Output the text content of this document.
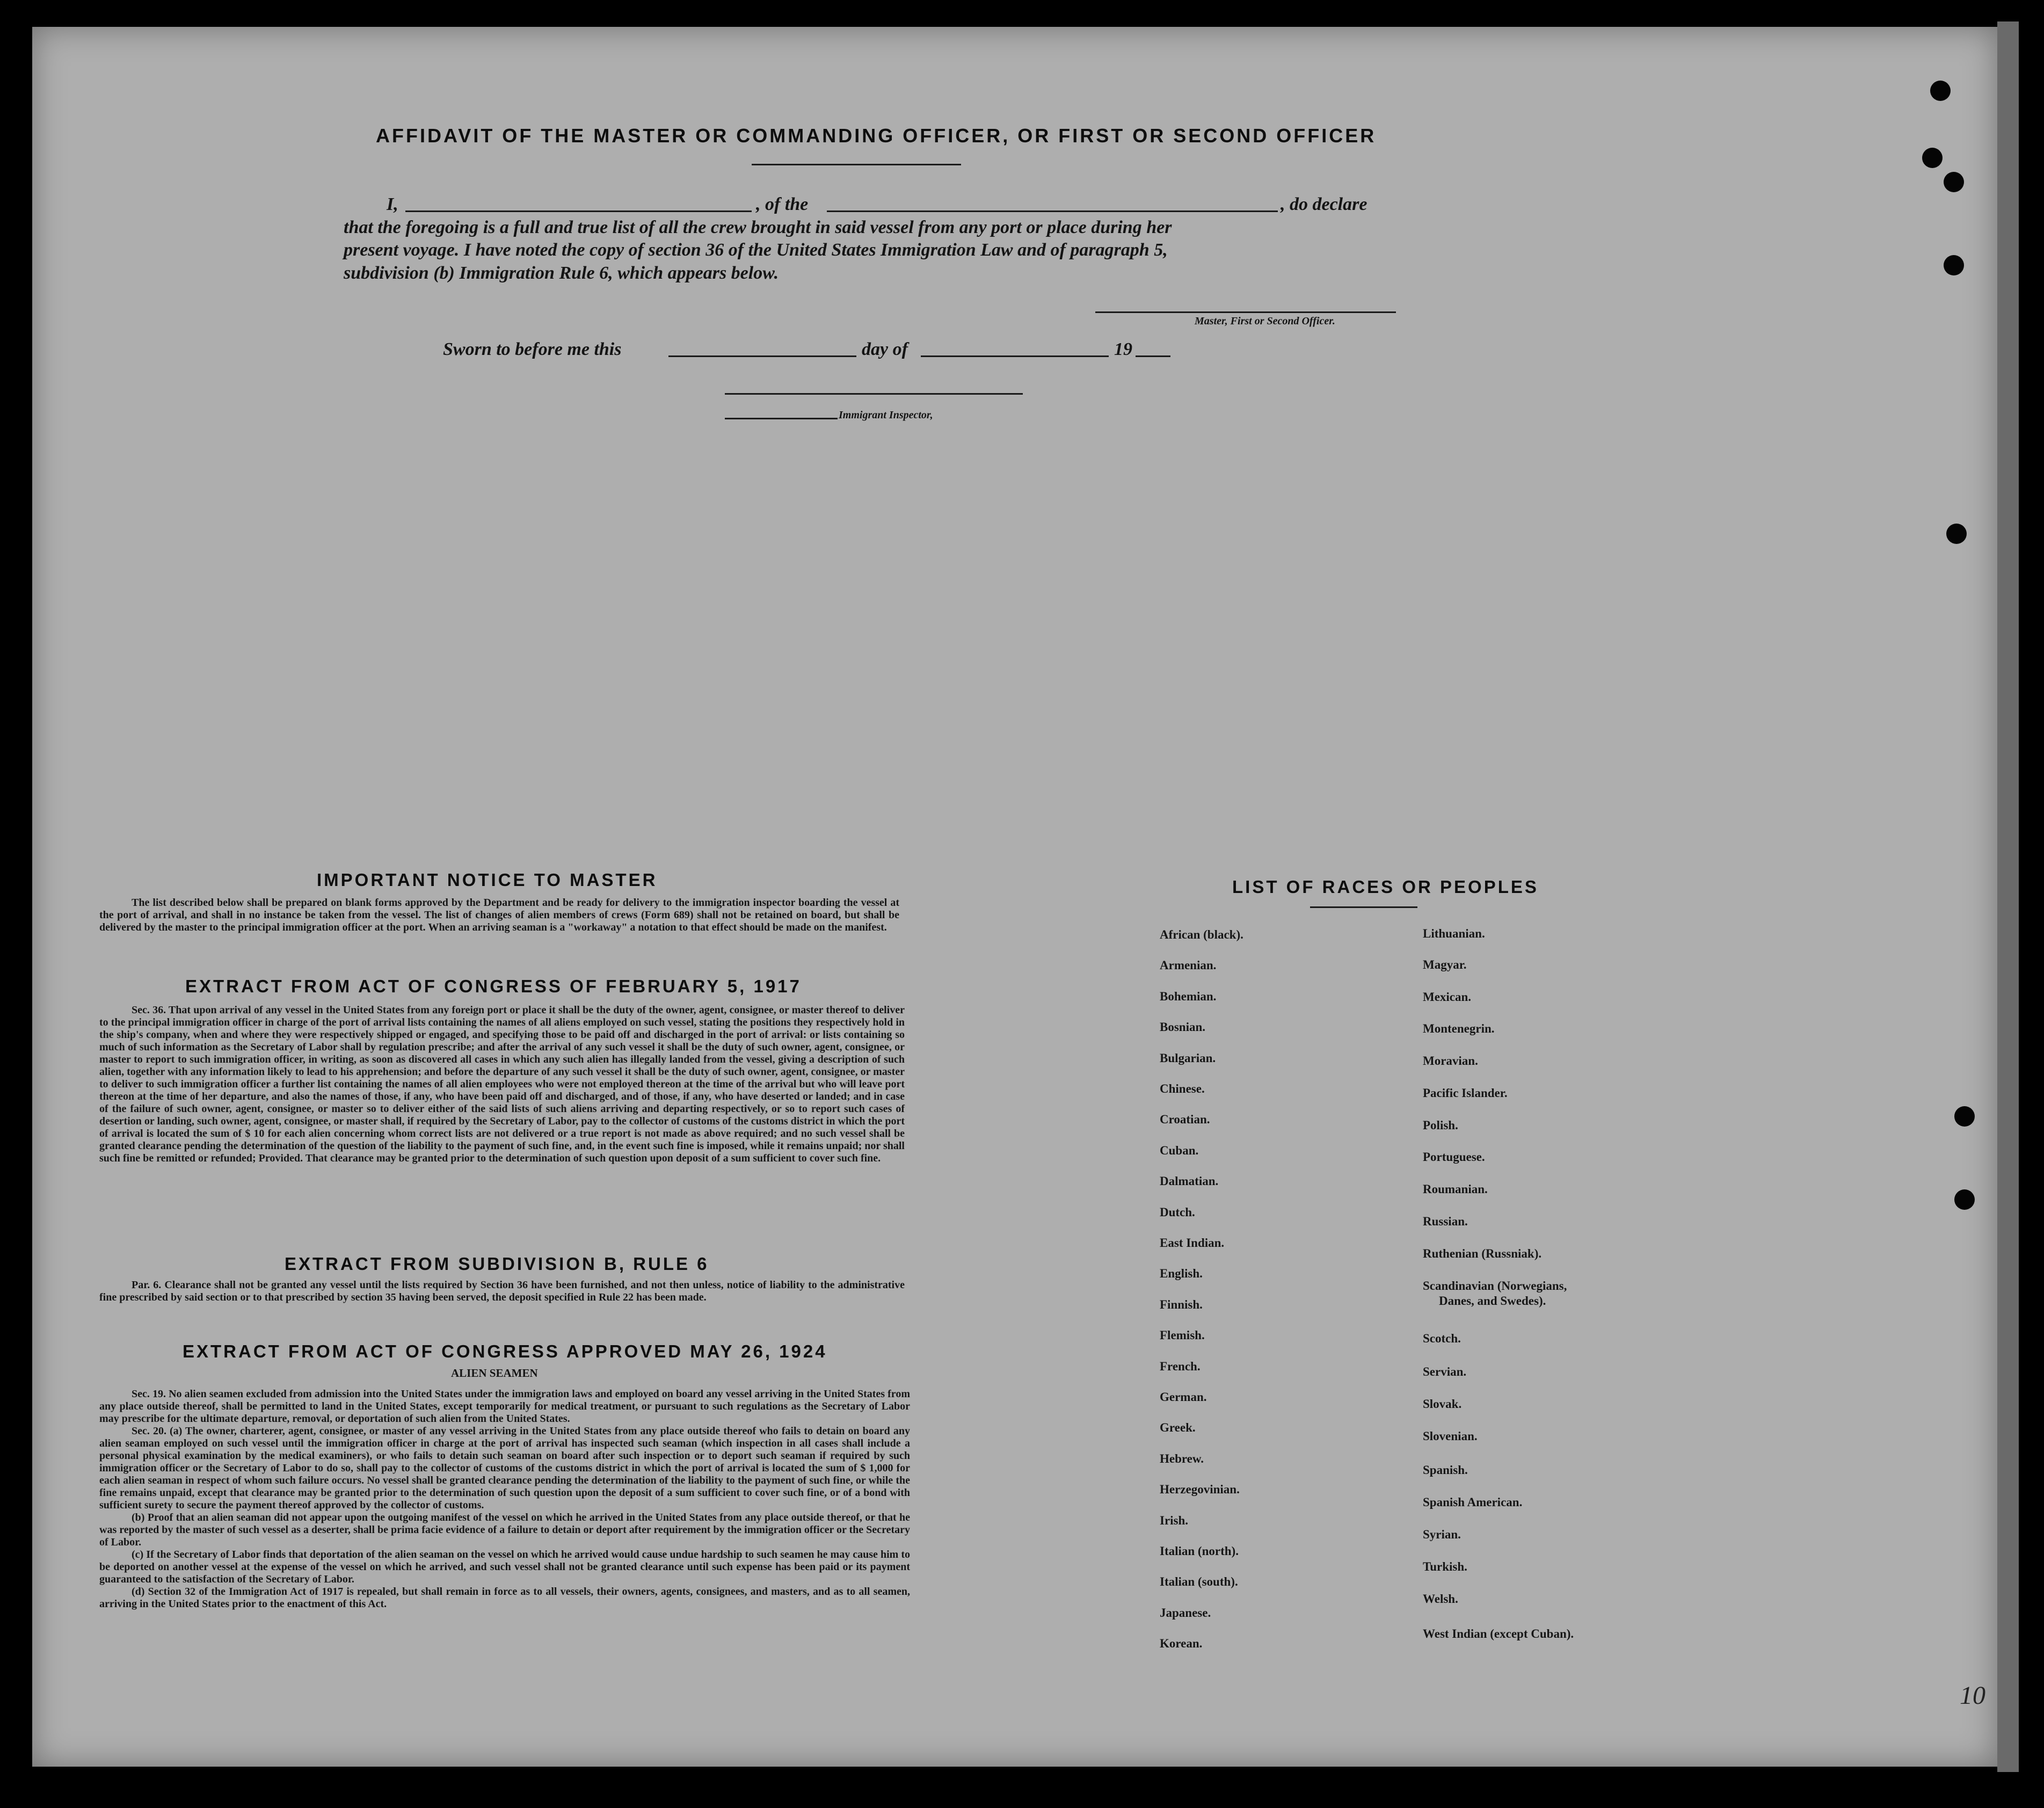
AFFIDAVIT OF THE MASTER OR COMMANDING OFFICER, OR FIRST OR SECOND OFFICER
I,	, of the	, do declare
that the foregoing is a full and true list of all the crew brought in said vessel from any port or place during her
present voyage. I have noted the copy of section 36 of the United States Immigration Law and of paragraph 5,
subdivision (b) Immigration Rule 6, which appears below.
Master, First or Second Officer.
Sworn to before me this	day of	19
Immigrant Inspector,
IMPORTANT NOTICE TO MASTER

The list described below shall be prepared on blank forms approved by the Department and be ready for delivery to the immigration inspector boarding the vessel at the port of arrival, and shall in no instance be taken from the vessel. The list of changes of alien members of crews (Form 689) shall not be retained on board, but shall be delivered by the master to the principal immigration officer at the port. When an arriving seaman is a "workaway" a notation to that effect should be made on the manifest.

EXTRACT FROM ACT OF CONGRESS OF FEBRUARY 5, 1917

Sec. 36. That upon arrival of any vessel in the United States from any foreign port or place it shall be the duty of the owner, agent, consignee, or master thereof to deliver to the principal immigration officer in charge of the port of arrival lists containing the names of all aliens employed on such vessel, stating the positions they respectively hold in the ship's company, when and where they were respectively shipped or engaged, and specifying those to be paid off and discharged in the port of arrival: or lists containing so much of such information as the Secretary of Labor shall by regulation prescribe; and after the arrival of any such vessel it shall be the duty of such owner, agent, consignee, or master to report to such immigration officer, in writing, as soon as discovered all cases in which any such alien has illegally landed from the vessel, giving a description of such alien, together with any information likely to lead to his apprehension; and before the departure of any such vessel it shall be the duty of such owner, agent, consignee, or master to deliver to such immigration officer a further list containing the names of all alien employees who were not employed thereon at the time of the arrival but who will leave port thereon at the time of her departure, and also the names of those, if any, who have been paid off and discharged, and of those, if any, who have deserted or landed; and in case of the failure of such owner, agent, consignee, or master so to deliver either of the said lists of such aliens arriving and departing respectively, or so to report such cases of desertion or landing, such owner, agent, consignee, or master shall, if required by the Secretary of Labor, pay to the collector of customs of the customs district in which the port of arrival is located the sum of $ 10 for each alien concerning whom correct lists are not delivered or a true report is not made as above required; and no such vessel shall be granted clearance pending the determination of the question of the liability to the payment of such fine, and, in the event such fine is imposed, while it remains unpaid; nor shall such fine be remitted or refunded; Provided. That clearance may be granted prior to the determination of such question upon deposit of a sum sufficient to cover such fine.

EXTRACT FROM SUBDIVISION B, RULE 6

Par. 6. Clearance shall not be granted any vessel until the lists required by Section 36 have been furnished, and not then unless, notice of liability to the administrative fine prescribed by said section or to that prescribed by section 35 having been served, the deposit specified in Rule 22 has been made.

EXTRACT FROM ACT OF CONGRESS APPROVED MAY 26, 1924
ALIEN SEAMEN

Sec. 19. No alien seamen excluded from admission into the United States under the immigration laws and employed on board any vessel arriving in the United States from any place outside thereof, shall be permitted to land in the United States, except temporarily for medical treatment, or pursuant to such regulations as the Secretary of Labor may prescribe for the ultimate departure, removal, or deportation of such alien from the United States.

Sec. 20. (a) The owner, charterer, agent, consignee, or master of any vessel arriving in the United States from any place outside thereof who fails to detain on board any alien seaman employed on such vessel until the immigration officer in charge at the port of arrival has inspected such seaman (which inspection in all cases shall include a personal physical examination by the medical examiners), or who fails to detain such seaman on board after such inspection or to deport such seaman if required by such immigration officer or the Secretary of Labor to do so, shall pay to the collector of customs of the customs district in which the port of arrival is located the sum of $ 1,000 for each alien seaman in respect of whom such failure occurs. No vessel shall be granted clearance pending the determination of the liability to the payment of such fine, or while the fine remains unpaid, except that clearance may be granted prior to the determination of such question upon the deposit of a sum sufficient to cover such fine, or of a bond with sufficient surety to secure the payment thereof approved by the collector of customs.

(b) Proof that an alien seaman did not appear upon the outgoing manifest of the vessel on which he arrived in the United States from any place outside thereof, or that he was reported by the master of such vessel as a deserter, shall be prima facie evidence of a failure to detain or deport after requirement by the immigration officer or the Secretary of Labor.

(c) If the Secretary of Labor finds that deportation of the alien seaman on the vessel on which he arrived would cause undue hardship to such seamen he may cause him to be deported on another vessel at the expense of the vessel on which he arrived, and such vessel shall not be granted clearance until such expense has been paid or its payment guaranteed to the satisfaction of the Secretary of Labor.

(d) Section 32 of the Immigration Act of 1917 is repealed, but shall remain in force as to all vessels, their owners, agents, consignees, and masters, and as to all seamen, arriving in the United States prior to the enactment of this Act.

LIST OF RACES OR PEOPLES
African (black).
Armenian.
Bohemian.
Bosnian.
Bulgarian.
Chinese.
Croatian.
Cuban.
Dalmatian.
Dutch.
East Indian.
English.
Finnish.
Flemish.
French.
German.
Greek.
Hebrew.
Herzegovinian.
Irish.
Italian (north).
Italian (south).
Japanese.
Korean.
Lithuanian.
Magyar.
Mexican.
Montenegrin.
Moravian.
Pacific Islander.
Polish.
Portuguese.
Roumanian.
Russian.
Ruthenian (Russniak).
Scandinavian (Norwegians,
Danes, and Swedes).
Scotch.
Servian.
Slovak.
Slovenian.
Spanish.
Spanish American.
Syrian.
Turkish.
Welsh.
West Indian (except Cuban).
10
